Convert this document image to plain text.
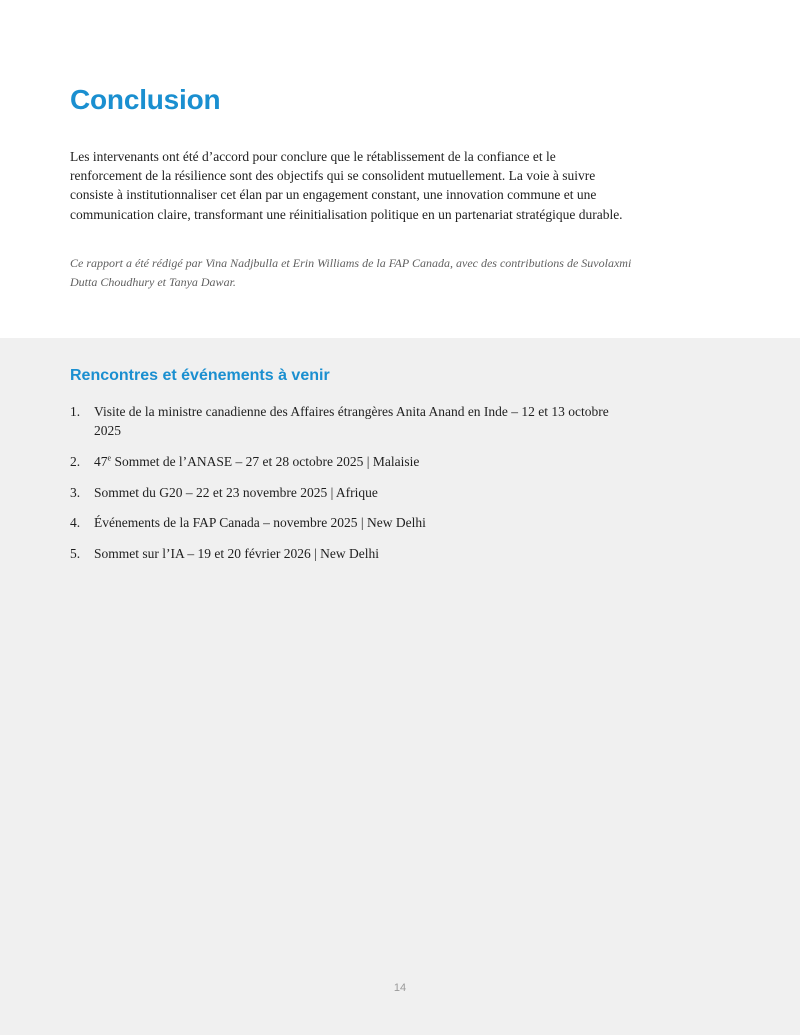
Conclusion

Les intervenants ont été d’accord pour conclure que le rétablissement de la confiance et le renforcement de la résilience sont des objectifs qui se consolident mutuellement. La voie à suivre consiste à institutionnaliser cet élan par un engagement constant, une innovation commune et une communication claire, transformant une réinitialisation politique en un partenariat stratégique durable.

Ce rapport a été rédigé par Vina Nadjbulla et Erin Williams de la FAP Canada, avec des contributions de Suvolaxmi Dutta Choudhury et Tanya Dawar.

Rencontres et événements à venir
1.	Visite de la ministre canadienne des Affaires étrangères Anita Anand en Inde – 12 et 13 octobre 2025
2.	47e Sommet de l’ANASE – 27 et 28 octobre 2025 | Malaisie
3.	Sommet du G20 – 22 et 23 novembre 2025 | Afrique
4.	Événements de la FAP Canada – novembre 2025 | New Delhi
5.	Sommet sur l’IA – 19 et 20 février 2026 | New Delhi
14
